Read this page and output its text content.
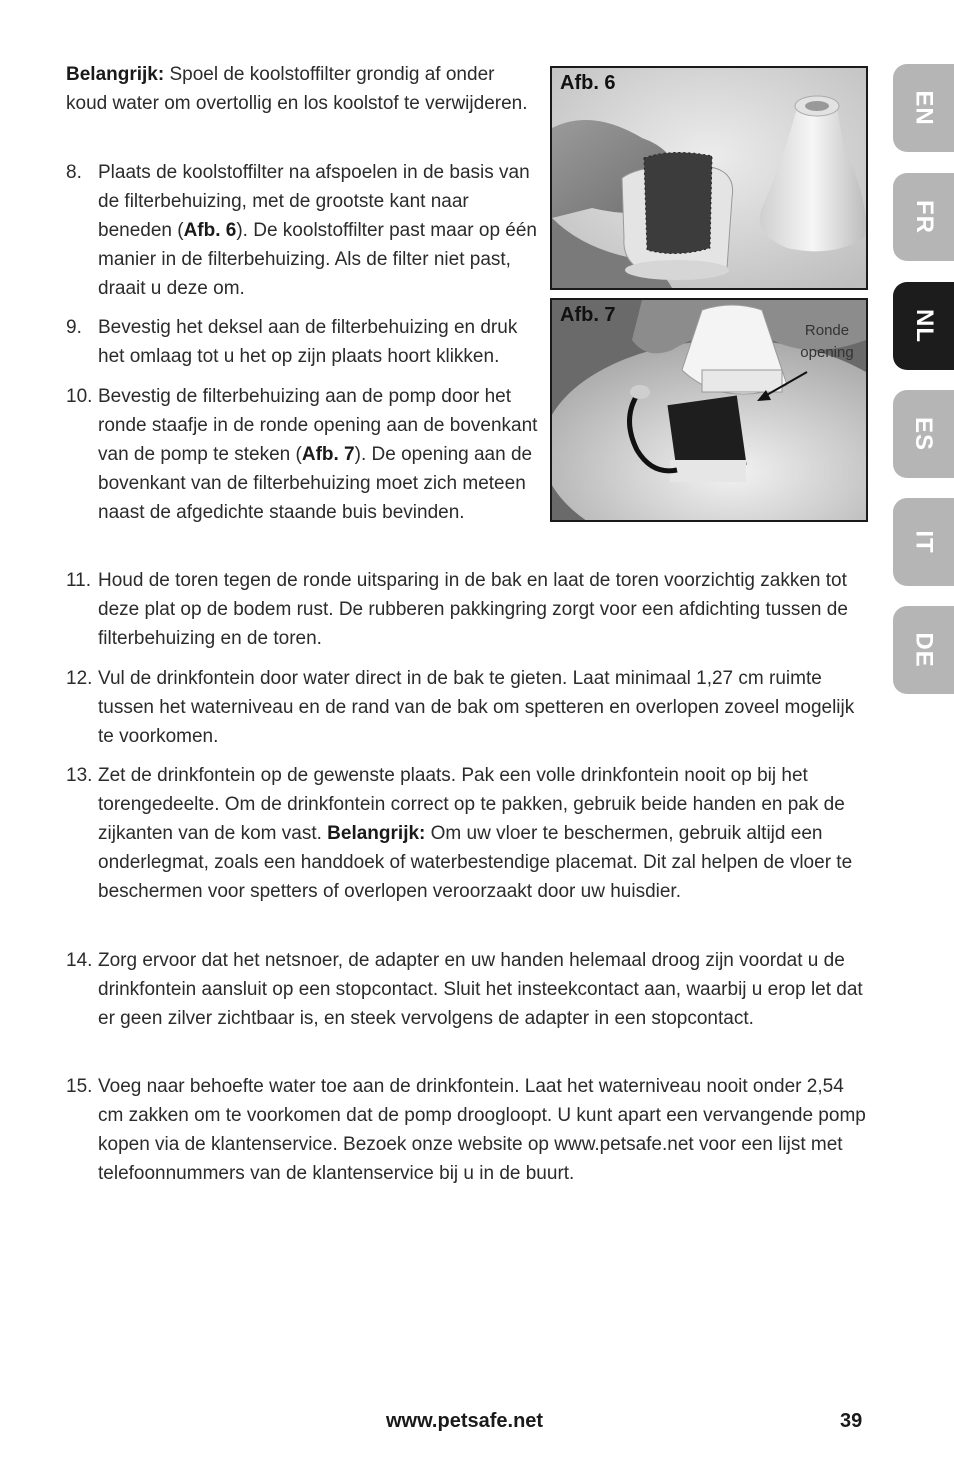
Belangrijk: Spoel de koolstoffilter grondig af onder koud water om overtollig en los koolstof te verwijderen.

8. Plaats de koolstoffilter na afspoelen in de basis van de filterbehuizing, met de grootste kant naar beneden (Afb. 6). De koolstoffilter past maar op één manier in de filterbehuizing. Als de filter niet past, draait u deze om.
9. Bevestig het deksel aan de filterbehuizing en druk het omlaag tot u het op zijn plaats hoort klikken.
10. Bevestig de filterbehuizing aan de pomp door het ronde staafje in de ronde opening aan de bovenkant van de pomp te steken (Afb. 7). De opening aan de bovenkant van de filterbehuizing moet zich meteen naast de afgedichte staande buis bevinden.
11. Houd de toren tegen de ronde uitsparing in de bak en laat de toren voorzichtig zakken tot deze plat op de bodem rust. De rubberen pakkingring zorgt voor een afdichting tussen de filterbehuizing en de toren.
12. Vul de drinkfontein door water direct in de bak te gieten. Laat minimaal 1,27 cm ruimte tussen het waterniveau en de rand van de bak om spetteren en overlopen zoveel mogelijk te voorkomen.
13. Zet de drinkfontein op de gewenste plaats. Pak een volle drinkfontein nooit op bij het torengedeelte. Om de drinkfontein correct op te pakken, gebruik beide handen en pak de zijkanten van de kom vast. Belangrijk: Om uw vloer te beschermen, gebruik altijd een onderlegmat, zoals een handdoek of waterbestendige placemat. Dit zal helpen de vloer te beschermen voor spetters of overlopen veroorzaakt door uw huisdier.
14. Zorg ervoor dat het netsnoer, de adapter en uw handen helemaal droog zijn voordat u de drinkfontein aansluit op een stopcontact. Sluit het insteekcontact aan, waarbij u erop let dat er geen zilver zichtbaar is, en steek vervolgens de adapter in een stopcontact.
15. Voeg naar behoefte water toe aan de drinkfontein. Laat het waterniveau nooit onder 2,54 cm zakken om te voorkomen dat de pomp droogloopt. U kunt apart een vervangende pomp kopen via de klantenservice. Bezoek onze website op www.petsafe.net voor een lijst met telefoonnummers van de klantenservice bij u in de buurt.
Afb. 6
Afb. 7
Ronde
opening
EN
FR
NL
ES
IT
DE
www.petsafe.net	39
